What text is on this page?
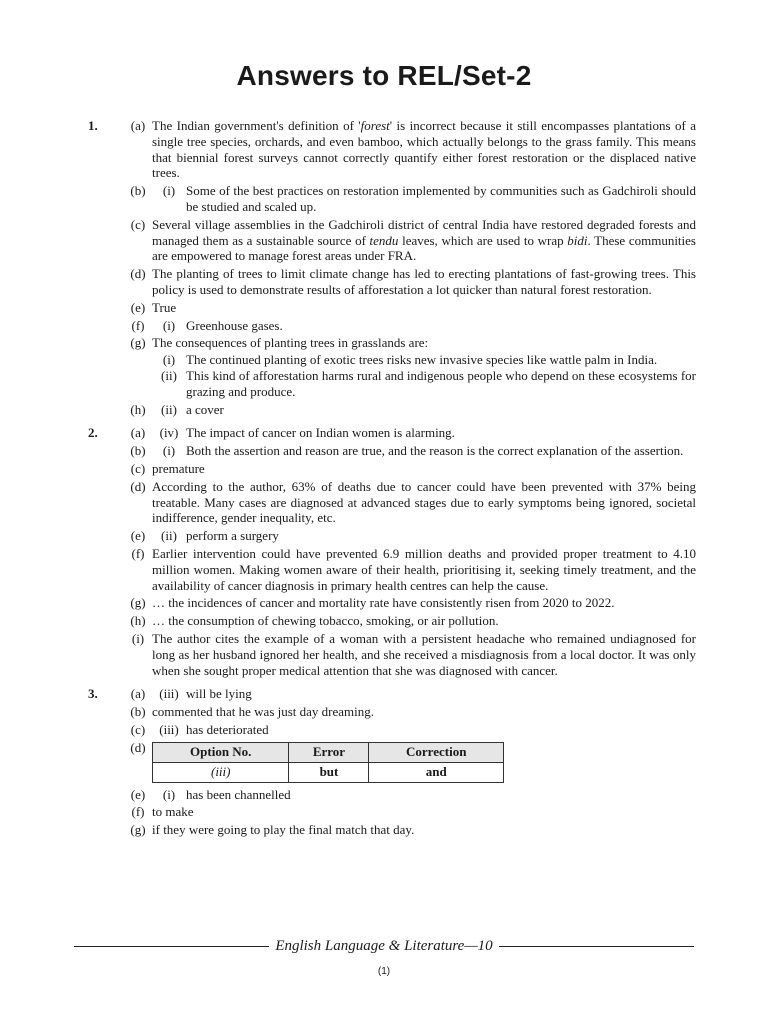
Answers to REL/Set-2
1.	(a) The Indian government's definition of 'forest' is incorrect because it still encompasses plantations of a single tree species, orchards, and even bamboo, which actually belongs to the grass family. This means that biennial forest surveys cannot correctly quantify either forest restoration or the displaced native trees.
(b)	(i) Some of the best practices on restoration implemented by communities such as Gadchiroli should be studied and scaled up.
(c) Several village assemblies in the Gadchiroli district of central India have restored degraded forests and managed them as a sustainable source of tendu leaves, which are used to wrap bidi. These communities are empowered to manage forest areas under FRA.
(d) The planting of trees to limit climate change has led to erecting plantations of fast-growing trees. This policy is used to demonstrate results of afforestation a lot quicker than natural forest restoration.
(e) True
(f)	(i) Greenhouse gases.
(g) The consequences of planting trees in grasslands are:
(i) The continued planting of exotic trees risks new invasive species like wattle palm in India.
(ii) This kind of afforestation harms rural and indigenous people who depend on these ecosystems for grazing and produce.
(h)	(ii) a cover
2.	(a)	(iv) The impact of cancer on Indian women is alarming.
(b)	(i) Both the assertion and reason are true, and the reason is the correct explanation of the assertion.
(c) premature
(d) According to the author, 63% of deaths due to cancer could have been prevented with 37% being treatable. Many cases are diagnosed at advanced stages due to early symptoms being ignored, societal indifference, gender inequality, etc.
(e)	(ii) perform a surgery
(f) Earlier intervention could have prevented 6.9 million deaths and provided proper treatment to 4.10 million women. Making women aware of their health, prioritising it, seeking timely treatment, and the availability of cancer diagnosis in primary health centres can help the cause.
(g) … the incidences of cancer and mortality rate have consistently risen from 2020 to 2022.
(h) … the consumption of chewing tobacco, smoking, or air pollution.
(i) The author cites the example of a woman with a persistent headache who remained undiagnosed for long as her husband ignored her health, and she received a misdiagnosis from a local doctor. It was only when she sought proper medical attention that she was diagnosed with cancer.
3.	(a)	(iii) will be lying
(b) commented that he was just day dreaming.
(c)	(iii) has deteriorated
(d)	Option No.	Error	Correction
(iii)	but	and
(e)	(i) has been channelled
(f) to make
(g) if they were going to play the final match that day.
English Language & Literature—10
(1)
